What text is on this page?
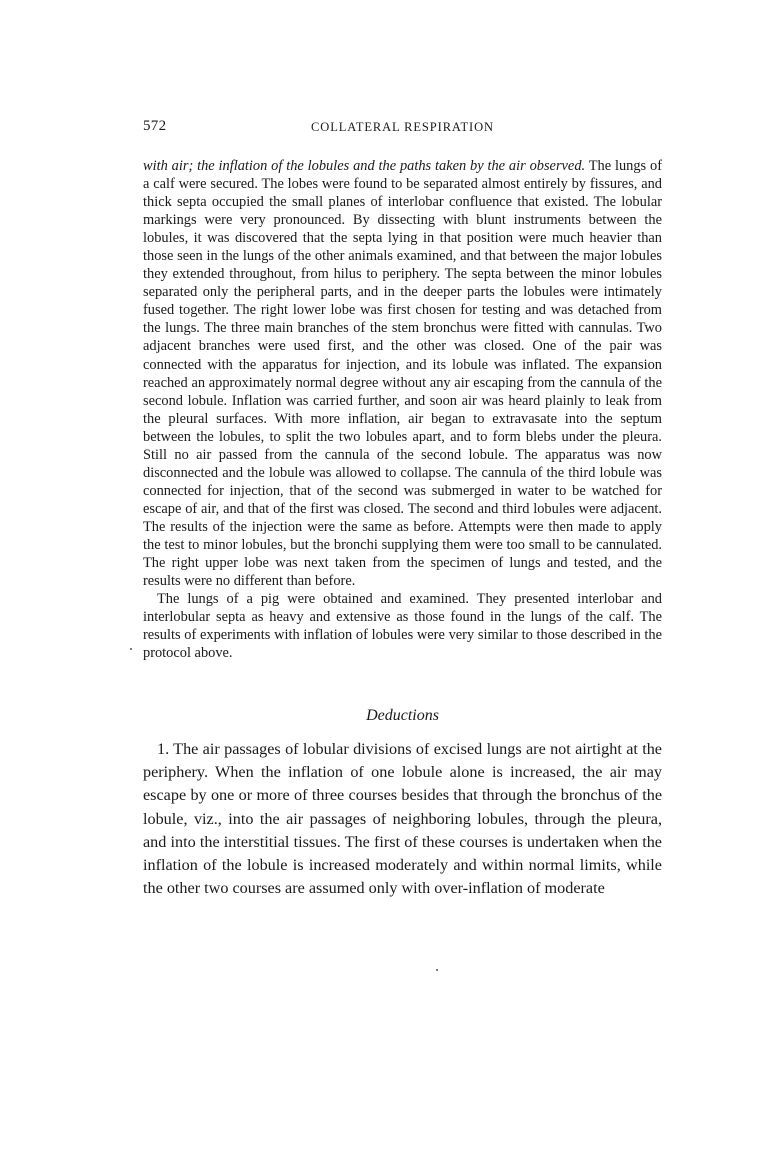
572	COLLATERAL RESPIRATION

with air; the inflation of the lobules and the paths taken by the air observed. The lungs of a calf were secured. The lobes were found to be separated almost entirely by fissures, and thick septa occupied the small planes of interlobar confluence that existed. The lobular markings were very pronounced. By dissecting with blunt instruments between the lobules, it was discovered that the septa lying in that position were much heavier than those seen in the lungs of the other animals examined, and that between the major lobules they extended throughout, from hilus to periphery. The septa between the minor lobules separated only the peripheral parts, and in the deeper parts the lobules were intimately fused together. The right lower lobe was first chosen for testing and was detached from the lungs. The three main branches of the stem bronchus were fitted with cannulas. Two adjacent branches were used first, and the other was closed. One of the pair was connected with the apparatus for injection, and its lobule was inflated. The expansion reached an approximately normal degree without any air escaping from the cannula of the second lobule. Inflation was carried further, and soon air was heard plainly to leak from the pleural surfaces. With more inflation, air began to extravasate into the septum between the lobules, to split the two lobules apart, and to form blebs under the pleura. Still no air passed from the cannula of the second lobule. The apparatus was now disconnected and the lobule was allowed to collapse. The cannula of the third lobule was connected for injection, that of the second was submerged in water to be watched for escape of air, and that of the first was closed. The second and third lobules were adjacent. The results of the injection were the same as before. Attempts were then made to apply the test to minor lobules, but the bronchi supplying them were too small to be cannulated. The right upper lobe was next taken from the specimen of lungs and tested, and the results were no different than before.

The lungs of a pig were obtained and examined. They presented interlobar and interlobular septa as heavy and extensive as those found in the lungs of the calf. The results of experiments with inflation of lobules were very similar to those described in the protocol above.

Deductions

1. The air passages of lobular divisions of excised lungs are not airtight at the periphery. When the inflation of one lobule alone is increased, the air may escape by one or more of three courses besides that through the bronchus of the lobule, viz., into the air passages of neighboring lobules, through the pleura, and into the interstitial tissues. The first of these courses is undertaken when the inflation of the lobule is increased moderately and within normal limits, while the other two courses are assumed only with over-inflation of moderate
